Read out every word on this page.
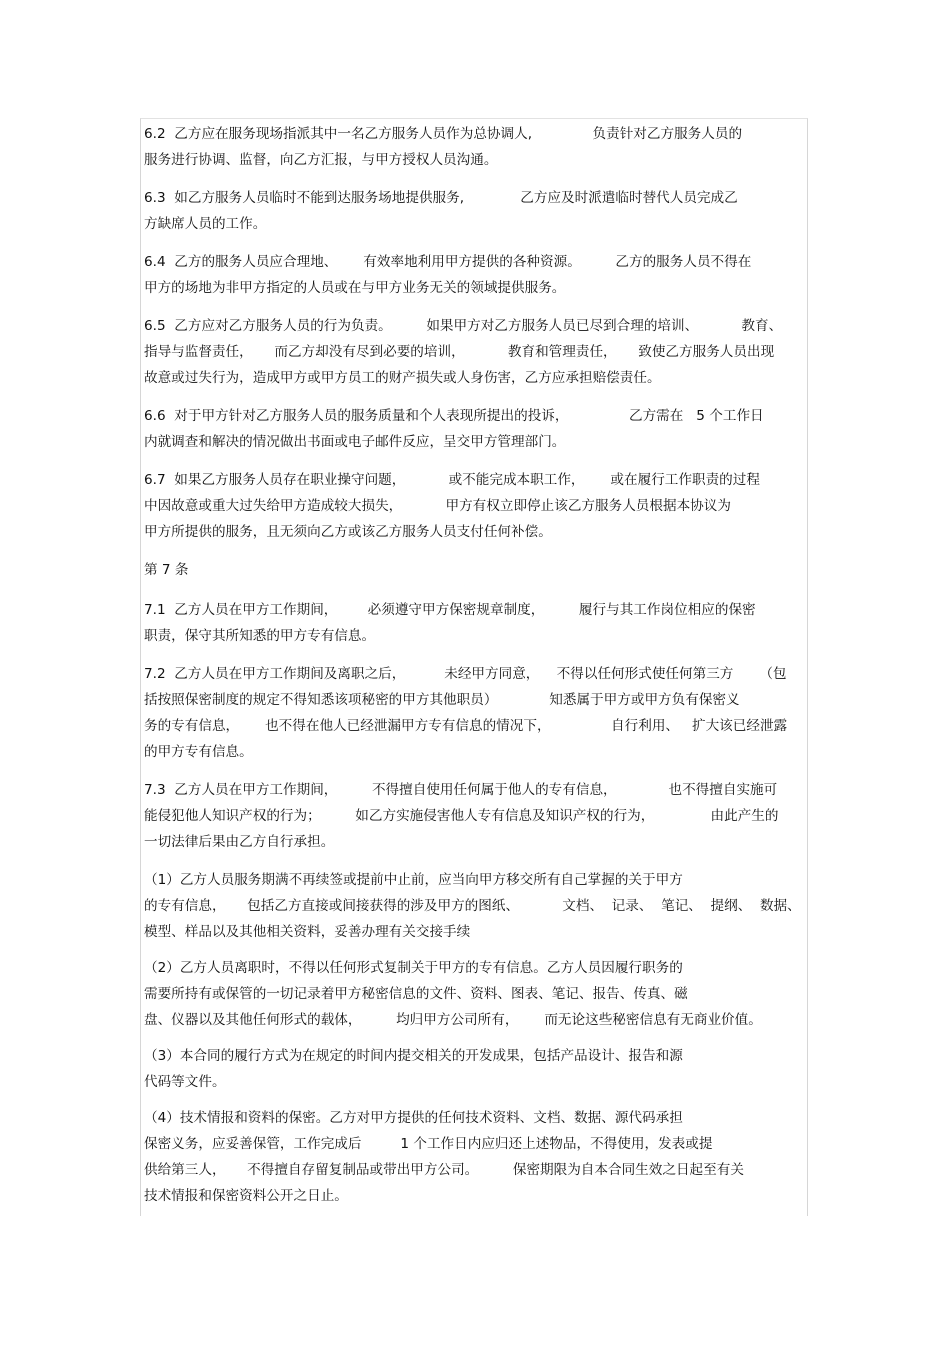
6.2  乙方应在服务现场指派其中一名乙方服务人员作为总协调人,              负责针对乙方服务人员的
服务进行协调、监督，向乙方汇报，与甲方授权人员沟通。
6.3  如乙方服务人员临时不能到达服务场地提供服务,             乙方应及时派遣临时替代人员完成乙
方缺席人员的工作。
6.4  乙方的服务人员应合理地、      有效率地利用甲方提供的各种资源。        乙方的服务人员不得在
甲方的场地为非甲方指定的人员或在与甲方业务无关的领域提供服务。
6.5  乙方应对乙方服务人员的行为负责。        如果甲方对乙方服务人员已尽到合理的培训、          教育、
指导与监督责任，     而乙方却没有尽到必要的培训，          教育和管理责任，     致使乙方服务人员出现
故意或过失行为，造成甲方或甲方员工的财产损失或人身伤害，乙方应承担赔偿责任。
6.6  对于甲方针对乙方服务人员的服务质量和个人表现所提出的投诉，              乙方需在   5 个工作日
内就调查和解决的情况做出书面或电子邮件反应，呈交甲方管理部门。
6.7  如果乙方服务人员存在职业操守问题，          或不能完成本职工作，      或在履行工作职责的过程
中因故意或重大过失给甲方造成较大损失，          甲方有权立即停止该乙方服务人员根据本协议为
甲方所提供的服务，且无须向乙方或该乙方服务人员支付任何补偿。
第 7 条
7.1  乙方人员在甲方工作期间，       必须遵守甲方保密规章制度，        履行与其工作岗位相应的保密
职责，保守其所知悉的甲方专有信息。
7.2  乙方人员在甲方工作期间及离职之后，         未经甲方同意，    不得以任何形式使任何第三方      （包
括按照保密制度的规定不得知悉该项秘密的甲方其他职员）            知悉属于甲方或甲方负有保密义
务的专有信息，      也不得在他人已经泄漏甲方专有信息的情况下，              自行利用、   扩大该已经泄露
的甲方专有信息。
7.3  乙方人员在甲方工作期间，        不得擅自使用任何属于他人的专有信息，            也不得擅自实施可
能侵犯他人知识产权的行为；        如乙方实施侵害他人专有信息及知识产权的行为，             由此产生的
一切法律后果由乙方自行承担。
（1）乙方人员服务期满不再续签或提前中止前，应当向甲方移交所有自己掌握的关于甲方
的专有信息，     包括乙方直接或间接获得的涉及甲方的图纸、          文档、  记录、  笔记、  提纲、  数据、
模型、样品以及其他相关资料，妥善办理有关交接手续
（2）乙方人员离职时，不得以任何形式复制关于甲方的专有信息。乙方人员因履行职务的
需要所持有或保管的一切记录着甲方秘密信息的文件、资料、图表、笔记、报告、传真、磁
盘、仪器以及其他任何形式的载体，        均归甲方公司所有，      而无论这些秘密信息有无商业价值。
（3）本合同的履行方式为在规定的时间内提交相关的开发成果，包括产品设计、报告和源
代码等文件。
（4）技术情报和资料的保密。乙方对甲方提供的任何技术资料、文档、数据、源代码承担
保密义务，应妥善保管，工作完成后         1 个工作日内应归还上述物品，不得使用，发表或提
供给第三人，     不得擅自存留复制品或带出甲方公司。        保密期限为自本合同生效之日起至有关
技术情报和保密资料公开之日止。
